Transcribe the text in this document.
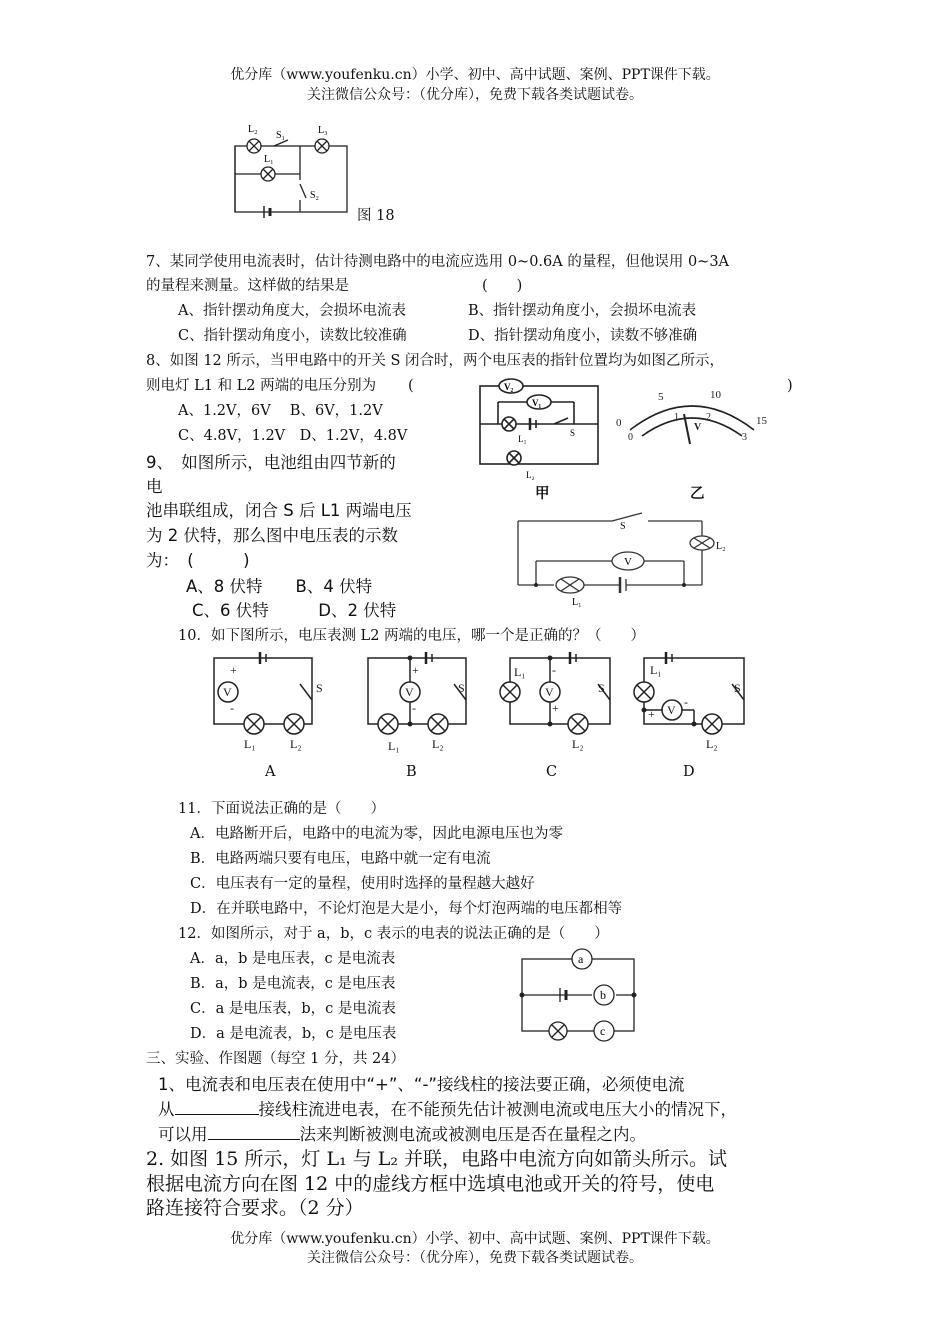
优分库（www.youfenku.cn）小学、初中、高中试题、案例、PPT课件下载。
关注微信公众号：（优分库），免费下载各类试题试卷。
L₂
S₁	L₃
L₁
S₂
图 18
7、某同学使用电流表时，估计待测电路中的电流应选用 0~0.6A 的量程，但他误用 0~3A
的量程来测量。这样做的结果是	(　　)
A、指针摆动角度大，会损坏电流表	B、指针摆动角度小，会损坏电流表
C、指针摆动角度小，读数比较准确	D、指针摆动角度小，读数不够准确
8、如图 12 所示，当甲电路中的开关 S 闭合时，两个电压表的指针位置均为如图乙所示，
则电灯 L1 和 L2 两端的电压分别为 (	)
A、1.2V，6V　 B、6V，1.2V
C、4.8V，1.2V　D、1.2V，4.8V
V₂
V₁
S
L₁
L₂
0
5	10
15
0
1	2
3
V
甲	乙
9、　如图所示，电池组由四节新的
电
池串联组成，闭合 S 后 L1 两端电压
为 2 伏特，那么图中电压表的示数
为：　(　　　)
A、8 伏特　　B、4 伏特
C、6 伏特　　　D、2 伏特
S
L₂
V
L₁
10．如下图所示，电压表测 L2 两端的电压，哪一个是正确的？（　　）
V
+
-
S
L₁	L₂
V
+
-
S
L₁	L₂
L₁
V
-
+
S
L₂
L₁
V
+
-
S
L₂
A	B	C	D
11．下面说法正确的是（　　）
A．电路断开后，电路中的电流为零，因此电源电压也为零
B．电路两端只要有电压，电路中就一定有电流
C．电压表有一定的量程，使用时选择的量程越大越好
D．在并联电路中，不论灯泡是大是小，每个灯泡两端的电压都相等
12．如图所示，对于 a，b，c 表示的电表的说法正确的是（　　）
A．a，b 是电压表，c 是电流表
B．a，b 是电流表，c 是电压表
C．a 是电压表，b，c 是电流表
D．a 是电流表，b，c 是电压表
a
b
c
三、实验、作图题（每空 1 分，共 24）
1、电流表和电压表在使用中“+”、“-”接线柱的接法要正确，必须使电流
从	接线柱流进电表，在不能预先估计被测电流或电压大小的情况下，
可以用	法来判断被测电流或被测电压是否在量程之内。
2. 如图 15 所示，灯 L₁ 与 L₂ 并联，电路中电流方向如箭头所示。试
根据电流方向在图 12 中的虚线方框中选填电池或开关的符号，使电
路连接符合要求。（2 分）
优分库（www.youfenku.cn）小学、初中、高中试题、案例、PPT课件下载。
关注微信公众号：（优分库），免费下载各类试题试卷。
